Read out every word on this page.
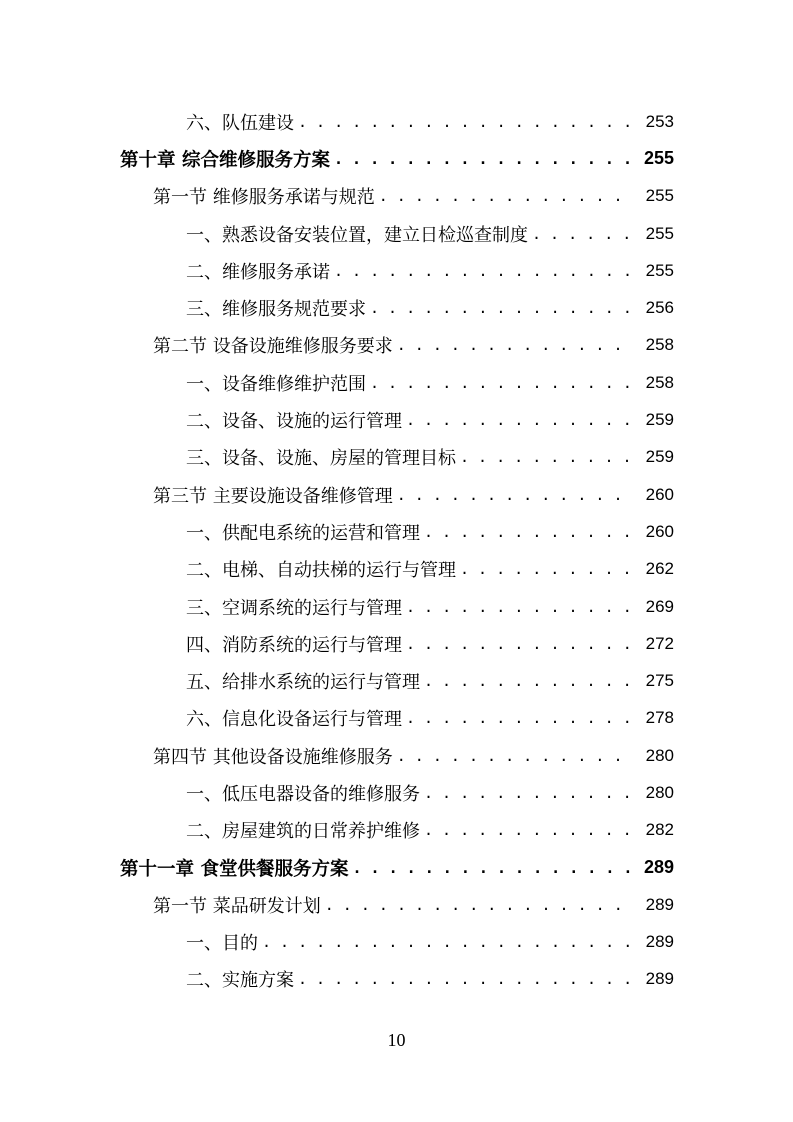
六、队伍建设 . . .	253
第十章 综合维修服务方案 . . .	255
第一节 维修服务承诺与规范 . . .	255
一、熟悉设备安装位置，建立日检巡查制度 . . .	255
二、维修服务承诺 . . .	255
三、维修服务规范要求 . . .	256
第二节 设备设施维修服务要求 . . .	258
一、设备维修维护范围 . . .	258
二、设备、设施的运行管理 . . .	259
三、设备、设施、房屋的管理目标 . . .	259
第三节 主要设施设备维修管理 . . .	260
一、供配电系统的运营和管理 . . .	260
二、电梯、自动扶梯的运行与管理 . . .	262
三、空调系统的运行与管理 . . .	269
四、消防系统的运行与管理 . . .	272
五、给排水系统的运行与管理 . . .	275
六、信息化设备运行与管理 . . .	278
第四节 其他设备设施维修服务 . . .	280
一、低压电器设备的维修服务 . . .	280
二、房屋建筑的日常养护维修 . . .	282
第十一章 食堂供餐服务方案 . . .	289
第一节 菜品研发计划 . . .	289
一、目的 . . .	289
二、实施方案 . . .	289
10
